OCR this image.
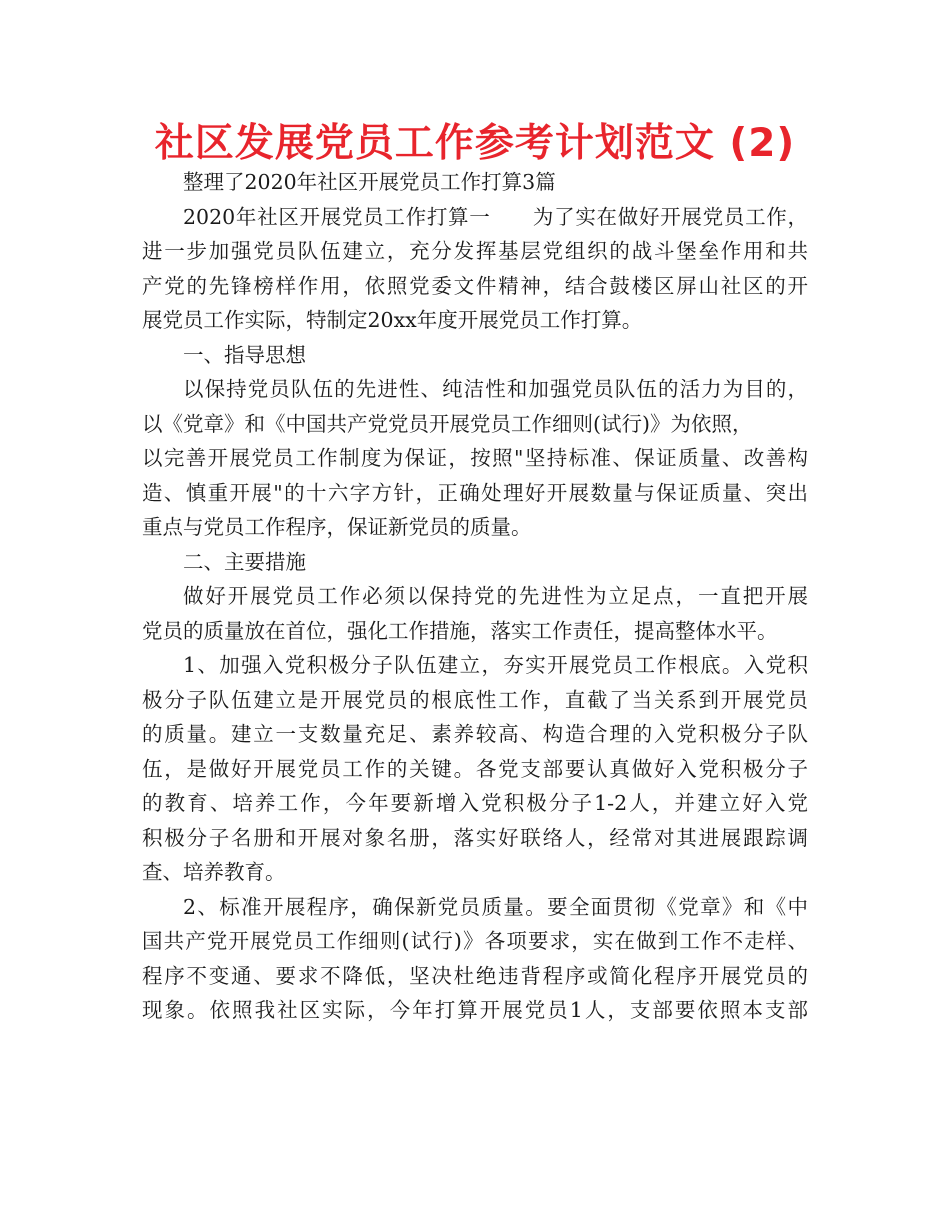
社区发展党员工作参考计划范文 (2)
整理了2020年社区开展党员工作打算3篇
2020年社区开展党员工作打算一　　为了实在做好开展党员工作，
进一步加强党员队伍建立，充分发挥基层党组织的战斗堡垒作用和共
产党的先锋榜样作用，依照党委文件精神，结合鼓楼区屏山社区的开
展党员工作实际，特制定20xx年度开展党员工作打算。
一、指导思想
以保持党员队伍的先进性、纯洁性和加强党员队伍的活力为目的，
以《党章》和《中国共产党党员开展党员工作细则(试行)》为依照，
以完善开展党员工作制度为保证，按照"坚持标准、保证质量、改善构
造、慎重开展"的十六字方针，正确处理好开展数量与保证质量、突出
重点与党员工作程序，保证新党员的质量。
二、主要措施
做好开展党员工作必须以保持党的先进性为立足点，一直把开展
党员的质量放在首位，强化工作措施，落实工作责任，提高整体水平。
1、加强入党积极分子队伍建立，夯实开展党员工作根底。入党积
极分子队伍建立是开展党员的根底性工作，直截了当关系到开展党员
的质量。建立一支数量充足、素养较高、构造合理的入党积极分子队
伍，是做好开展党员工作的关键。各党支部要认真做好入党积极分子
的教育、培养工作，今年要新增入党积极分子1-2人，并建立好入党
积极分子名册和开展对象名册，落实好联络人，经常对其进展跟踪调
查、培养教育。
2、标准开展程序，确保新党员质量。要全面贯彻《党章》和《中
国共产党开展党员工作细则(试行)》各项要求，实在做到工作不走样、
程序不变通、要求不降低，坚决杜绝违背程序或简化程序开展党员的
现象。依照我社区实际，今年打算开展党员1人，支部要依照本支部
